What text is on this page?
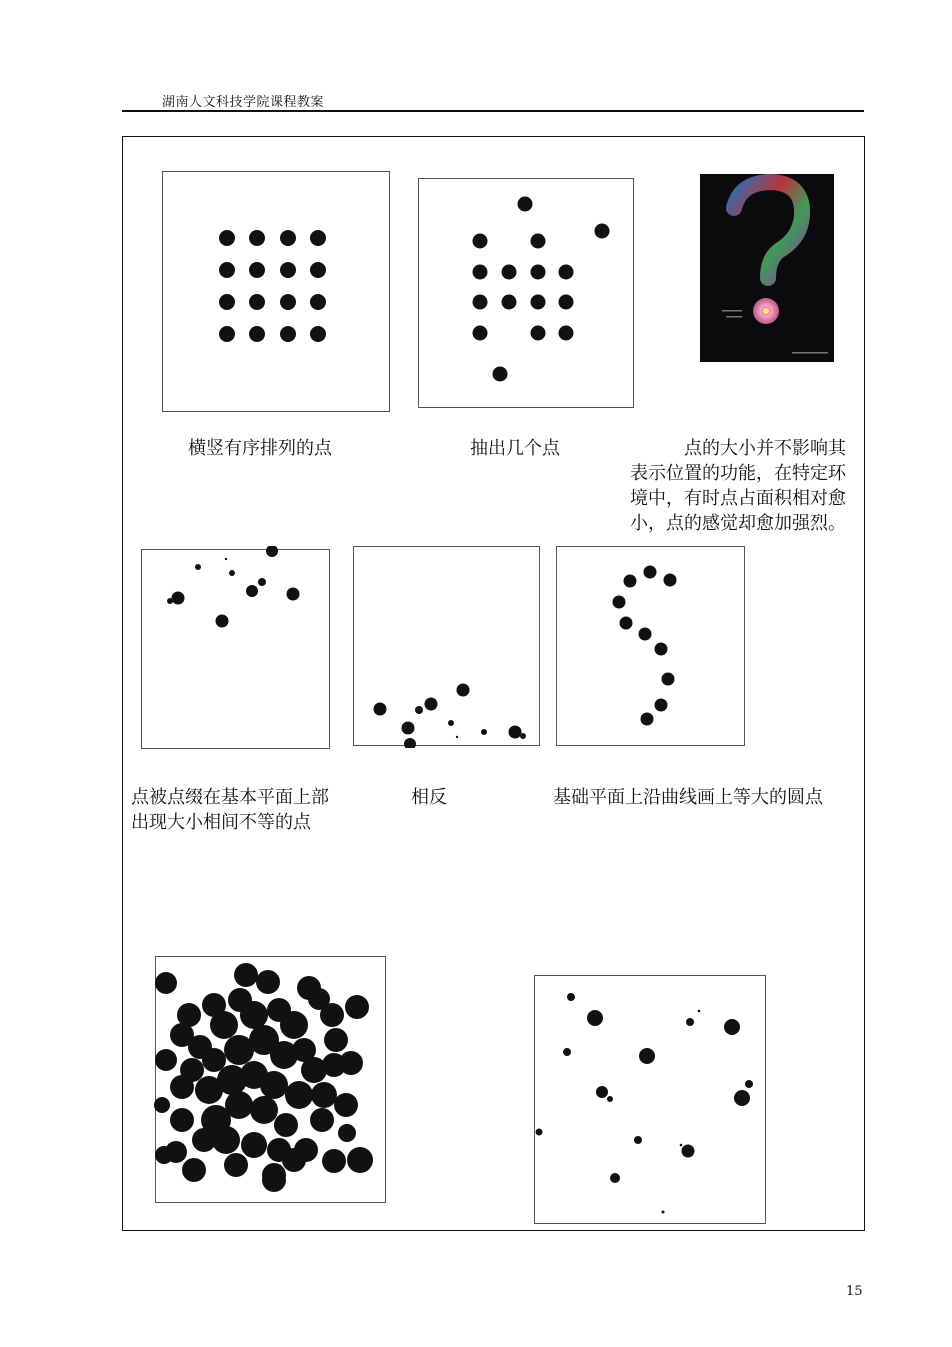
湖南人文科技学院课程教案
横竖有序排列的点	抽出几个点	点的大小并不影响其
表示位置的功能，在特定环
境中，有时点占面积相对愈
小，点的感觉却愈加强烈。
点被点缀在基本平面上部
出现大小相间不等的点
相反	基础平面上沿曲线画上等大的圆点
15
